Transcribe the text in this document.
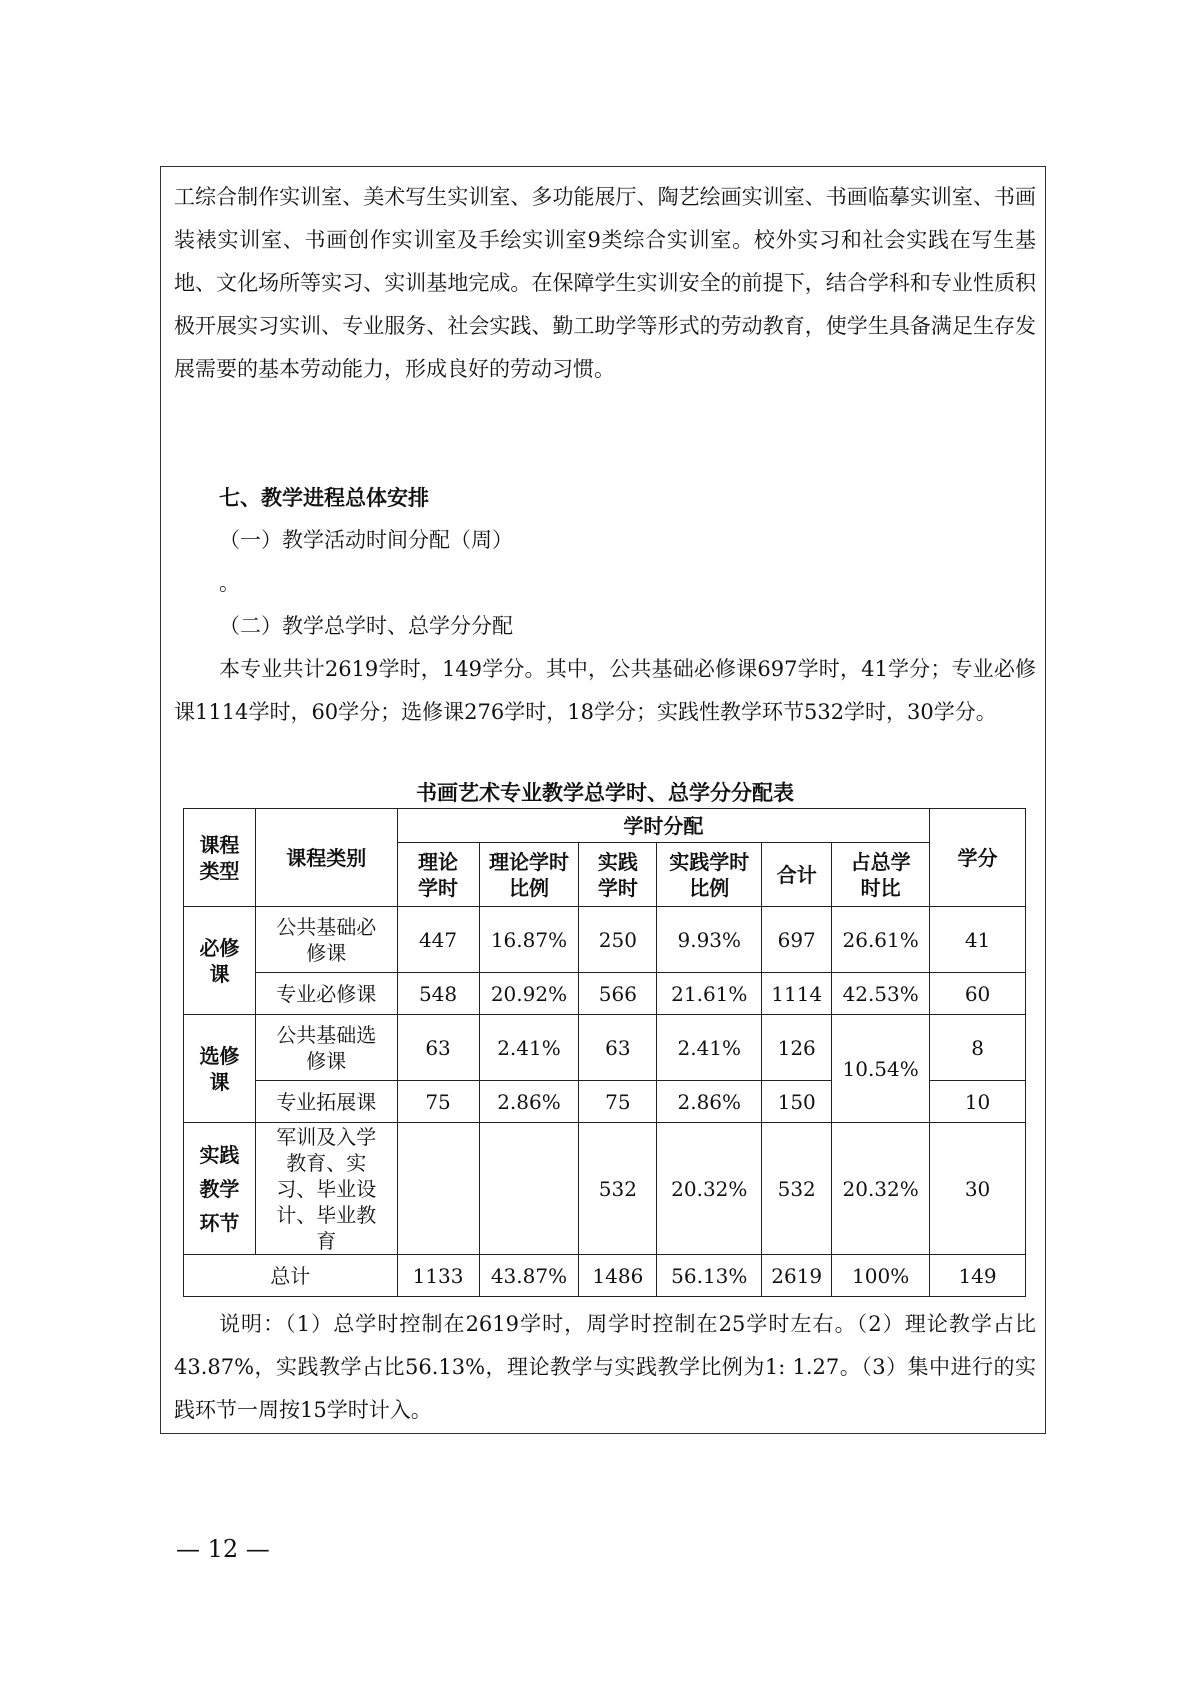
工综合制作实训室、美术写生实训室、多功能展厅、陶艺绘画实训室、书画临摹实训室、书画装裱实训室、书画创作实训室及手绘实训室9类综合实训室。校外实习和社会实践在写生基地、文化场所等实习、实训基地完成。在保障学生实训安全的前提下，结合学科和专业性质积极开展实习实训、专业服务、社会实践、勤工助学等形式的劳动教育，使学生具备满足生存发展需要的基本劳动能力，形成良好的劳动习惯。

七、教学进程总体安排

（一）教学活动时间分配（周）

。

（二）教学总学时、总学分分配

本专业共计2619学时，149学分。其中，公共基础必修课697学时，41学分；专业必修课1114学时，60学分；选修课276学时，18学分；实践性教学环节532学时，30学分。

书画艺术专业教学总学时、总学分分配表

课程类型	课程类别	学时分配						学分
		理论学时	理论学时比例	实践学时	实践学时比例	合计	占总学时比	
必修课	公共基础必修课	447	16.87%	250	9.93%	697	26.61%	41
	专业必修课	548	20.92%	566	21.61%	1114	42.53%	60
选修课	公共基础选修课	63	2.41%	63	2.41%	126	10.54%	8
	专业拓展课	75	2.86%	75	2.86%	150		10
实践教学环节	军训及入学教育、实习、毕业设计、毕业教育			532	20.32%	532	20.32%	30
总计		1133	43.87%	1486	56.13%	2619	100%	149

说明：（1）总学时控制在2619学时，周学时控制在25学时左右。（2）理论教学占比43.87%，实践教学占比56.13%，理论教学与实践教学比例为1: 1.27。（3）集中进行的实践环节一周按15学时计入。

— 12 —
